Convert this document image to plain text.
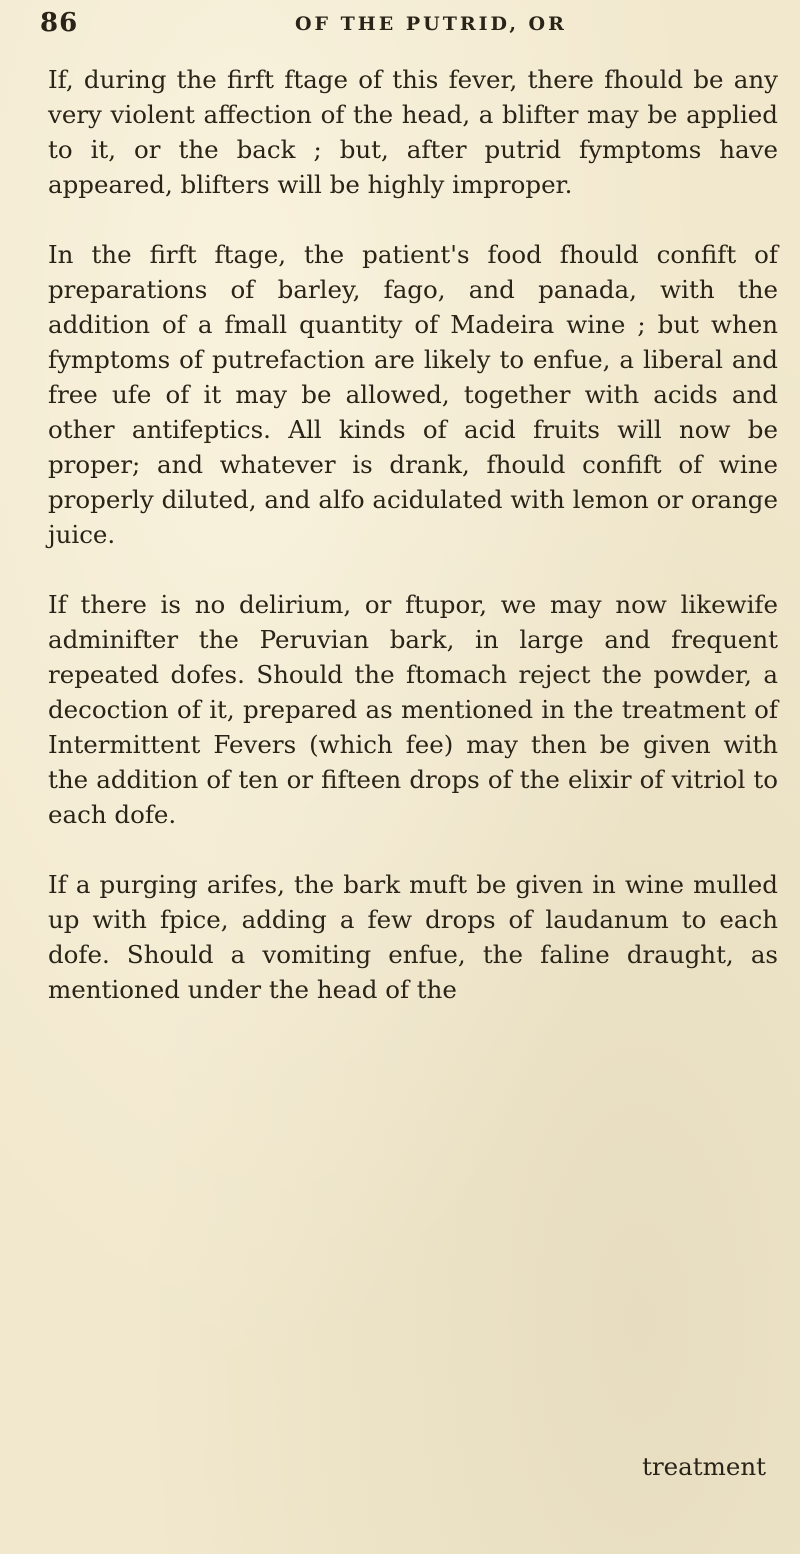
86	OF THE PUTRID, OR

If, during the firft ftage of this fever, there fhould be any very violent affection of the head, a blifter may be applied to it, or the back ; but, after putrid fymptoms have appeared, blifters will be highly improper.

In the firft ftage, the patient's food fhould confift of preparations of barley, fago, and panada, with the addition of a fmall quantity of Madeira wine ; but when fymptoms of putrefaction are likely to enfue, a liberal and free ufe of it may be allowed, together with acids and other antifeptics. All kinds of acid fruits will now be proper; and whatever is drank, fhould confift of wine properly diluted, and alfo acidulated with lemon or orange juice.

If there is no delirium, or ftupor, we may now likewife adminifter the Peruvian bark, in large and frequent repeated dofes. Should the ftomach reject the powder, a decoction of it, prepared as mentioned in the treatment of Intermittent Fevers (which fee) may then be given with the addition of ten or fifteen drops of the elixir of vitriol to each dofe.

If a purging arifes, the bark muft be given in wine mulled up with fpice, adding a few drops of laudanum to each dofe. Should a vomiting enfue, the faline draught, as mentioned under the head of the

treatment
